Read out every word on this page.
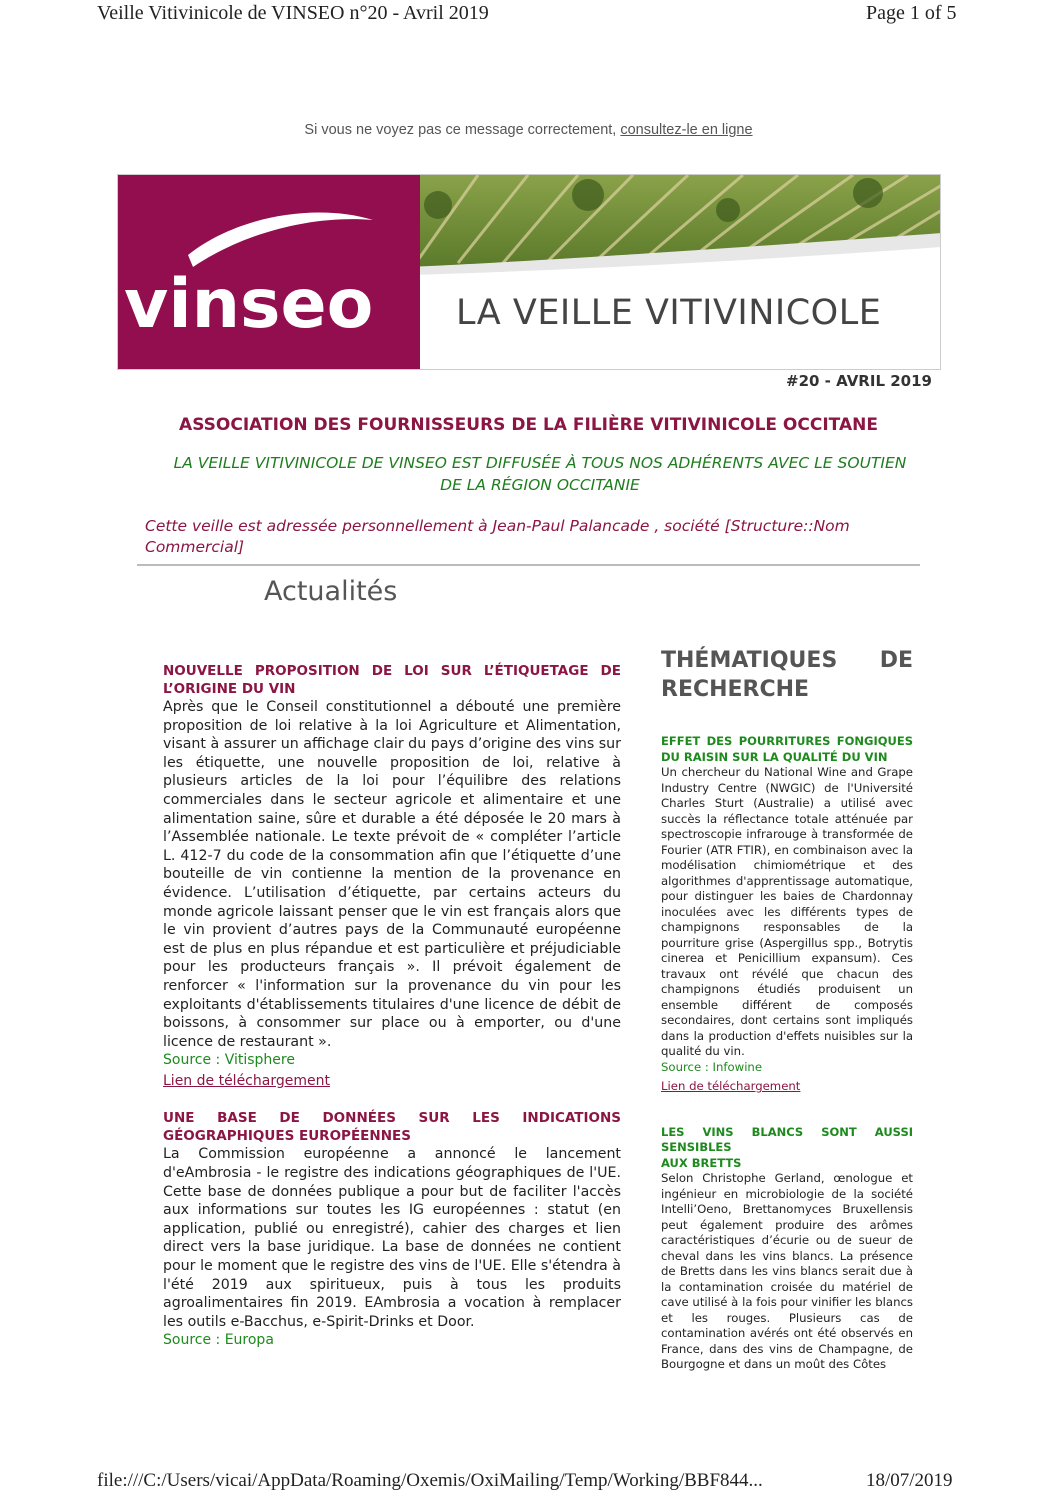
Veille Vitivinicole de VINSEO n°20 - Avril 2019	Page 1 of 5
Si vous ne voyez pas ce message correctement, consultez-le en ligne
vinseo LA VEILLE VITIVINICOLE
#20 - AVRIL 2019
ASSOCIATION DES FOURNISSEURS DE LA FILIÈRE VITIVINICOLE OCCITANE
LA VEILLE VITIVINICOLE DE VINSEO EST DIFFUSÉE À TOUS NOS ADHÉRENTS AVEC LE SOUTIEN
DE LA RÉGION OCCITANIE
Cette veille est adressée personnellement à Jean-Paul Palancade , société [Structure::Nom Commercial]
Actualités

NOUVELLE PROPOSITION DE LOI SUR L’ÉTIQUETAGE DE

L’ORIGINE DU VIN

Après que le Conseil constitutionnel a débouté une première proposition de loi relative à la loi Agriculture et Alimentation, visant à assurer un affichage clair du pays d’origine des vins sur les étiquette, une nouvelle proposition de loi, relative à plusieurs articles de la loi pour l’équilibre des relations commerciales dans le secteur agricole et alimentaire et une alimentation saine, sûre et durable a été déposée le 20 mars à l’Assemblée nationale. Le texte prévoit de « compléter l’article L. 412-7 du code de la consommation afin que l’étiquette d’une bouteille de vin contienne la mention de la provenance en évidence. L’utilisation d’étiquette, par certains acteurs du monde agricole laissant penser que le vin est français alors que le vin provient d’autres pays de la Communauté européenne est de plus en plus répandue et est particulière et préjudiciable pour les producteurs français ». Il prévoit également de renforcer « l'information sur la provenance du vin pour les exploitants d'établissements titulaires d'une licence de débit de boissons, à consommer sur place ou à emporter, ou d'une licence de restaurant ».

Source : Vitisphere

Lien de téléchargement

UNE BASE DE DONNÉES SUR LES INDICATIONS

GÉOGRAPHIQUES EUROPÉENNES

La Commission européenne a annoncé le lancement d'eAmbrosia - le registre des indications géographiques de l'UE. Cette base de données publique a pour but de faciliter l'accès aux informations sur toutes les IG européennes : statut (en application, publié ou enregistré), cahier des charges et lien direct vers la base juridique. La base de données ne contient pour le moment que le registre des vins de l'UE. Elle s'étendra à l'été 2019 aux spiritueux, puis à tous les produits agroalimentaires fin 2019. EAmbrosia a vocation à remplacer les outils e-Bacchus, e-Spirit-Drinks et Door.

Source : Europa

THÉMATIQUES DE

RECHERCHE

EFFET DES POURRITURES FONGIQUES

DU RAISIN SUR LA QUALITÉ DU VIN

Un chercheur du National Wine and Grape Industry Centre (NWGIC) de l'Université Charles Sturt (Australie) a utilisé avec succès la réflectance totale atténuée par spectroscopie infrarouge à transformée de Fourier (ATR FTIR), en combinaison avec la modélisation chimiométrique et des algorithmes d'apprentissage automatique, pour distinguer les baies de Chardonnay inoculées avec les différents types de champignons responsables de la pourriture grise (Aspergillus spp., Botrytis cinerea et Penicillium expansum). Ces travaux ont révélé que chacun des champignons étudiés produisent un ensemble différent de composés secondaires, dont certains sont impliqués dans la production d'effets nuisibles sur la qualité du vin.

Source : Infowine

Lien de téléchargement

LES VINS BLANCS SONT AUSSI SENSIBLES

AUX BRETTS

Selon Christophe Gerland, œnologue et ingénieur en microbiologie de la société Intelli’Oeno, Brettanomyces Bruxellensis peut également produire des arômes caractéristiques d’écurie ou de sueur de cheval dans les vins blancs. La présence de Bretts dans les vins blancs serait due à la contamination croisée du matériel de cave utilisé à la fois pour vinifier les blancs et les rouges. Plusieurs cas de contamination avérés ont été observés en France, dans des vins de Champagne, de Bourgogne et dans un moût des Côtes

file:///C:/Users/vicai/AppData/Roaming/Oxemis/OxiMailing/Temp/Working/BBF844...	18/07/2019
